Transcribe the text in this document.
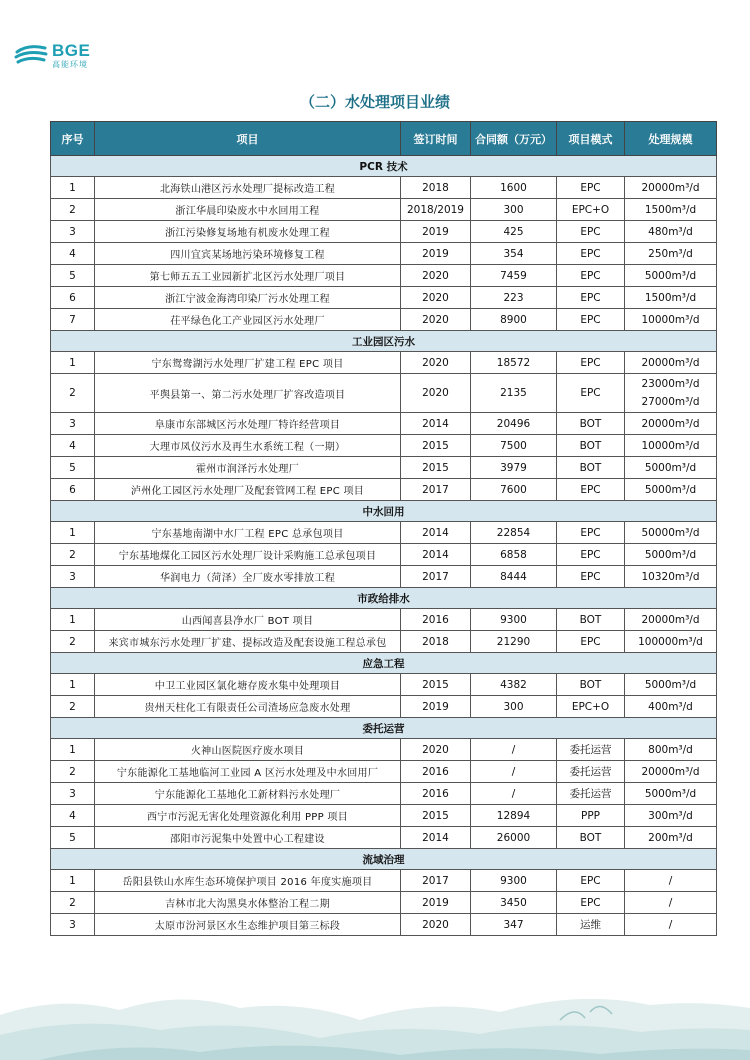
BGE
高能环境
（二）水处理项目业绩
序号	项目	签订时间	合同额（万元）	项目模式	处理规模
PCR 技术					
1	北海铁山港区污水处理厂提标改造工程	2018	1600	EPC	20000m³/d
2	浙江华晨印染废水中水回用工程	2018/2019	300	EPC+O	1500m³/d
3	浙江污染修复场地有机废水处理工程	2019	425	EPC	480m³/d
4	四川宜宾某场地污染环境修复工程	2019	354	EPC	250m³/d
5	第七师五五工业园新扩北区污水处理厂项目	2020	7459	EPC	5000m³/d
6	浙江宁波金海湾印染厂污水处理工程	2020	223	EPC	1500m³/d
7	茌平绿色化工产业园区污水处理厂	2020	8900	EPC	10000m³/d
工业园区污水					
1	宁东鸳鸯湖污水处理厂扩建工程 EPC 项目	2020	18572	EPC	20000m³/d
2	平舆县第一、第二污水处理厂扩容改造项目	2020	2135	EPC	23000m³/d
27000m³/d

3	阜康市东部城区污水处理厂特许经营项目	2014	20496	BOT	20000m³/d
4	大理市凤仪污水及再生水系统工程（一期）	2015	7500	BOT	10000m³/d
5	霍州市润泽污水处理厂	2015	3979	BOT	5000m³/d
6	泸州化工园区污水处理厂及配套管网工程 EPC 项目	2017	7600	EPC	5000m³/d
中水回用					
1	宁东基地南湖中水厂工程 EPC 总承包项目	2014	22854	EPC	50000m³/d
2	宁东基地煤化工园区污水处理厂设计采购施工总承包项目	2014	6858	EPC	5000m³/d
3	华润电力（菏泽）全厂废水零排放工程	2017	8444	EPC	10320m³/d
市政给排水					
1	山西闻喜县净水厂 BOT 项目	2016	9300	BOT	20000m³/d
2	来宾市城东污水处理厂扩建、提标改造及配套设施工程总承包	2018	21290	EPC	100000m³/d
应急工程					
1	中卫工业园区氯化塘存废水集中处理项目	2015	4382	BOT	5000m³/d
2	贵州天柱化工有限责任公司渣场应急废水处理	2019	300	EPC+O	400m³/d
委托运营					
1	火神山医院医疗废水项目	2020	/	委托运营	800m³/d
2	宁东能源化工基地临河工业园 A 区污水处理及中水回用厂	2016	/	委托运营	20000m³/d
3	宁东能源化工基地化工新材料污水处理厂	2016	/	委托运营	5000m³/d
4	西宁市污泥无害化处理资源化利用 PPP 项目	2015	12894	PPP	300m³/d
5	邵阳市污泥集中处置中心工程建设	2014	26000	BOT	200m³/d
流域治理					
1	岳阳县铁山水库生态环境保护项目 2016 年度实施项目	2017	9300	EPC	/
2	吉林市北大沟黑臭水体整治工程二期	2019	3450	EPC	/
3	太原市汾河景区水生态维护项目第三标段	2020	347	运维	/
